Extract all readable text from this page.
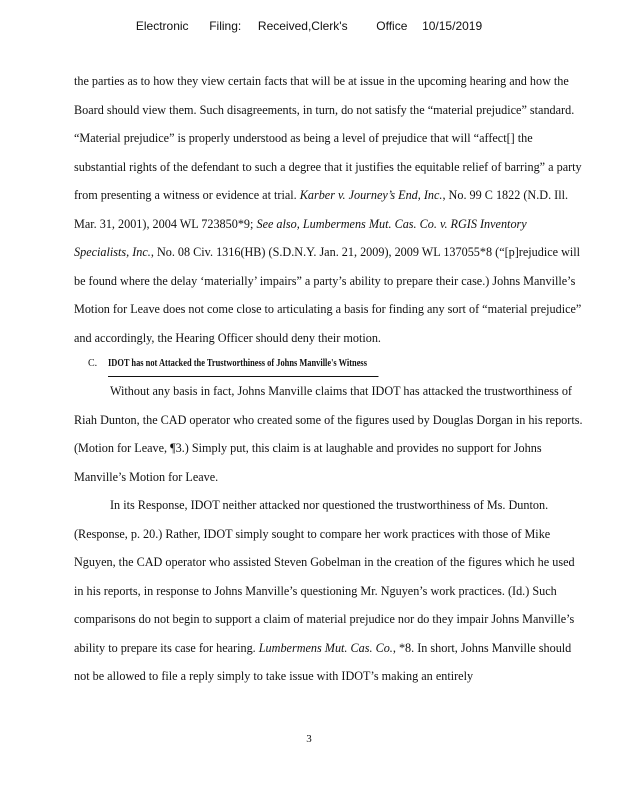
Electronic Filing: Received,Clerk's Office 10/15/2019

the parties as to how they view certain facts that will be at issue in the upcoming hearing and how the Board should view them. Such disagreements, in turn, do not satisfy the “material prejudice” standard. “Material prejudice” is properly understood as being a level of prejudice that will “affect[] the substantial rights of the defendant to such a degree that it justifies the equitable relief of barring” a party from presenting a witness or evidence at trial. Karber v. Journey’s End, Inc., No. 99 C 1822 (N.D. Ill. Mar. 31, 2001), 2004 WL 723850*9; See also, Lumbermens Mut. Cas. Co. v. RGIS Inventory Specialists, Inc., No. 08 Civ. 1316(HB) (S.D.N.Y. Jan. 21, 2009), 2009 WL 137055*8 (“[p]rejudice will be found where the delay ‘materially’ impairs” a party’s ability to prepare their case.) Johns Manville’s Motion for Leave does not come close to articulating a basis for finding any sort of “material prejudice” and accordingly, the Hearing Officer should deny their motion.

C.	IDOT has not Attacked the Trustworthiness of Johns Manville's Witness

Without any basis in fact, Johns Manville claims that IDOT has attacked the trustworthiness of Riah Dunton, the CAD operator who created some of the figures used by Douglas Dorgan in his reports. (Motion for Leave, ¶3.) Simply put, this claim is at laughable and provides no support for Johns Manville’s Motion for Leave.

In its Response, IDOT neither attacked nor questioned the trustworthiness of Ms. Dunton. (Response, p. 20.) Rather, IDOT simply sought to compare her work practices with those of Mike Nguyen, the CAD operator who assisted Steven Gobelman in the creation of the figures which he used in his reports, in response to Johns Manville’s questioning Mr. Nguyen’s work practices. (Id.) Such comparisons do not begin to support a claim of material prejudice nor do they impair Johns Manville’s ability to prepare its case for hearing. Lumbermens Mut. Cas. Co., *8. In short, Johns Manville should not be allowed to file a reply simply to take issue with IDOT’s making an entirely

3
